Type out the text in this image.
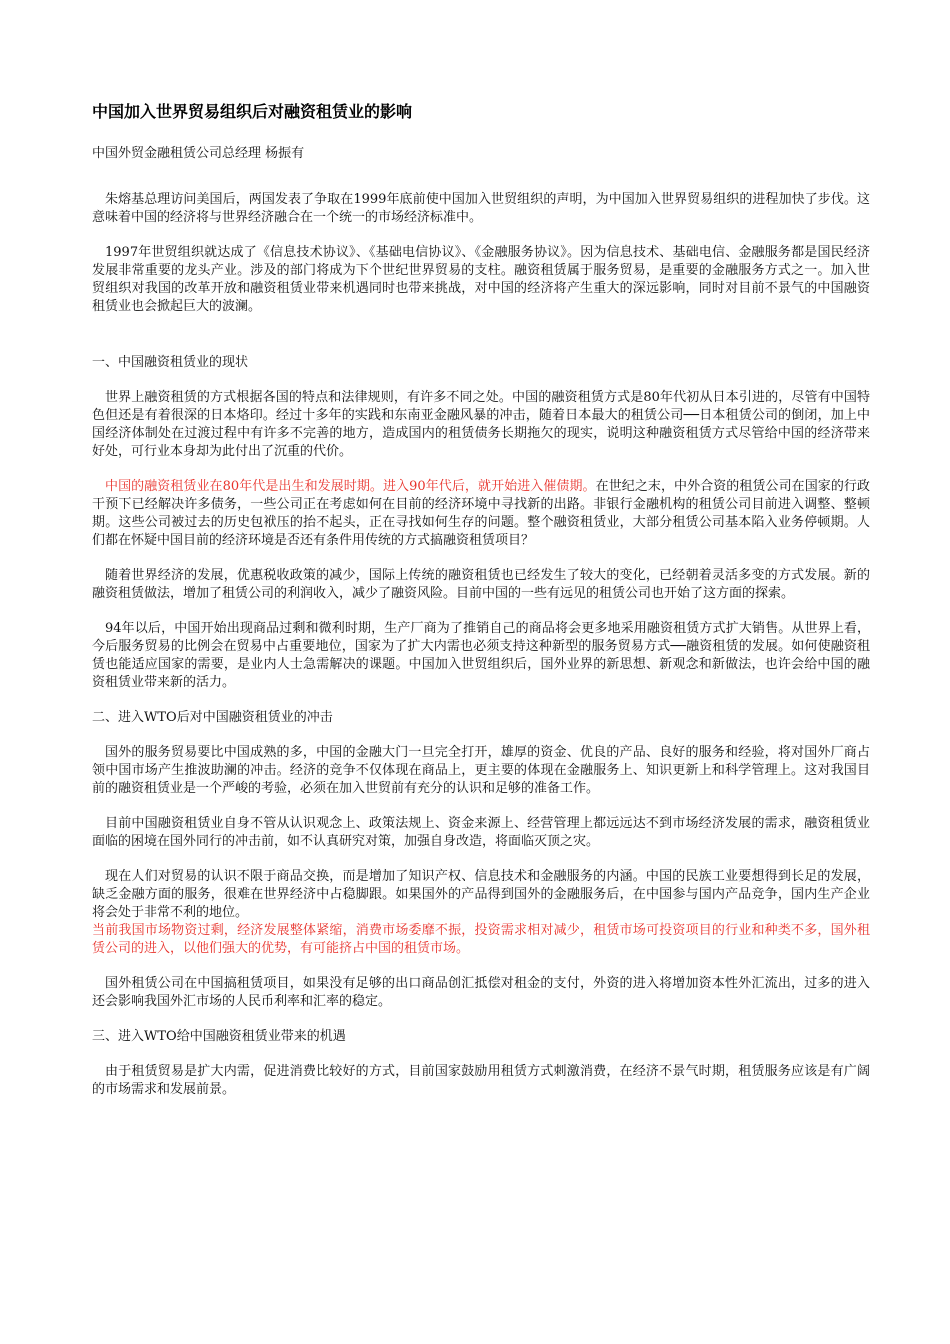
中国加入世界贸易组织后对融资租赁业的影响
中国外贸金融租赁公司总经理 杨振有

朱熔基总理访问美国后，两国发表了争取在1999年底前使中国加入世贸组织的声明，为中国加入世界贸易组织的进程加快了步伐。这意味着中国的经济将与世界经济融合在一个统一的市场经济标准中。

1997年世贸组织就达成了《信息技术协议》、《基础电信协议》、《金融服务协议》。因为信息技术、基础电信、金融服务都是国民经济发展非常重要的龙头产业。涉及的部门将成为下个世纪世界贸易的支柱。融资租赁属于服务贸易，是重要的金融服务方式之一。加入世贸组织对我国的改革开放和融资租赁业带来机遇同时也带来挑战，对中国的经济将产生重大的深远影响，同时对目前不景气的中国融资租赁业也会掀起巨大的波澜。

一、中国融资租赁业的现状

世界上融资租赁的方式根据各国的特点和法律规则，有许多不同之处。中国的融资租赁方式是80年代初从日本引进的，尽管有中国特色但还是有着很深的日本烙印。经过十多年的实践和东南亚金融风暴的冲击，随着日本最大的租赁公司──日本租赁公司的倒闭，加上中国经济体制处在过渡过程中有许多不完善的地方，造成国内的租赁债务长期拖欠的现实，说明这种融资租赁方式尽管给中国的经济带来好处，可行业本身却为此付出了沉重的代价。

中国的融资租赁业在80年代是出生和发展时期。进入90年代后，就开始进入催债期。在世纪之末，中外合资的租赁公司在国家的行政干预下已经解决许多债务，一些公司正在考虑如何在目前的经济环境中寻找新的出路。非银行金融机构的租赁公司目前进入调整、整顿期。这些公司被过去的历史包袱压的抬不起头，正在寻找如何生存的问题。整个融资租赁业，大部分租赁公司基本陷入业务停顿期。人们都在怀疑中国目前的经济环境是否还有条件用传统的方式搞融资租赁项目？

随着世界经济的发展，优惠税收政策的减少，国际上传统的融资租赁也已经发生了较大的变化，已经朝着灵活多变的方式发展。新的融资租赁做法，增加了租赁公司的利润收入，减少了融资风险。目前中国的一些有远见的租赁公司也开始了这方面的探索。

94年以后，中国开始出现商品过剩和微利时期，生产厂商为了推销自己的商品将会更多地采用融资租赁方式扩大销售。从世界上看，今后服务贸易的比例会在贸易中占重要地位，国家为了扩大内需也必须支持这种新型的服务贸易方式──融资租赁的发展。如何使融资租赁也能适应国家的需要，是业内人士急需解决的课题。中国加入世贸组织后，国外业界的新思想、新观念和新做法，也许会给中国的融资租赁业带来新的活力。

二、进入WTO后对中国融资租赁业的冲击

国外的服务贸易要比中国成熟的多，中国的金融大门一旦完全打开，雄厚的资金、优良的产品、良好的服务和经验，将对国外厂商占领中国市场产生推波助澜的冲击。经济的竞争不仅体现在商品上，更主要的体现在金融服务上、知识更新上和科学管理上。这对我国目前的融资租赁业是一个严峻的考验，必须在加入世贸前有充分的认识和足够的准备工作。

目前中国融资租赁业自身不管从认识观念上、政策法规上、资金来源上、经营管理上都远远达不到市场经济发展的需求，融资租赁业面临的困境在国外同行的冲击前，如不认真研究对策，加强自身改造，将面临灭顶之灾。

现在人们对贸易的认识不限于商品交换，而是增加了知识产权、信息技术和金融服务的内涵。中国的民族工业要想得到长足的发展，缺乏金融方面的服务，很难在世界经济中占稳脚跟。如果国外的产品得到国外的金融服务后，在中国参与国内产品竞争，国内生产企业将会处于非常不利的地位。

当前我国市场物资过剩，经济发展整体紧缩，消费市场委靡不振，投资需求相对减少，租赁市场可投资项目的行业和种类不多，国外租赁公司的进入，以他们强大的优势，有可能挤占中国的租赁市场。

国外租赁公司在中国搞租赁项目，如果没有足够的出口商品创汇抵偿对租金的支付，外资的进入将增加资本性外汇流出，过多的进入还会影响我国外汇市场的人民币利率和汇率的稳定。

三、进入WTO给中国融资租赁业带来的机遇

由于租赁贸易是扩大内需，促进消费比较好的方式，目前国家鼓励用租赁方式刺激消费，在经济不景气时期，租赁服务应该是有广阔的市场需求和发展前景。
